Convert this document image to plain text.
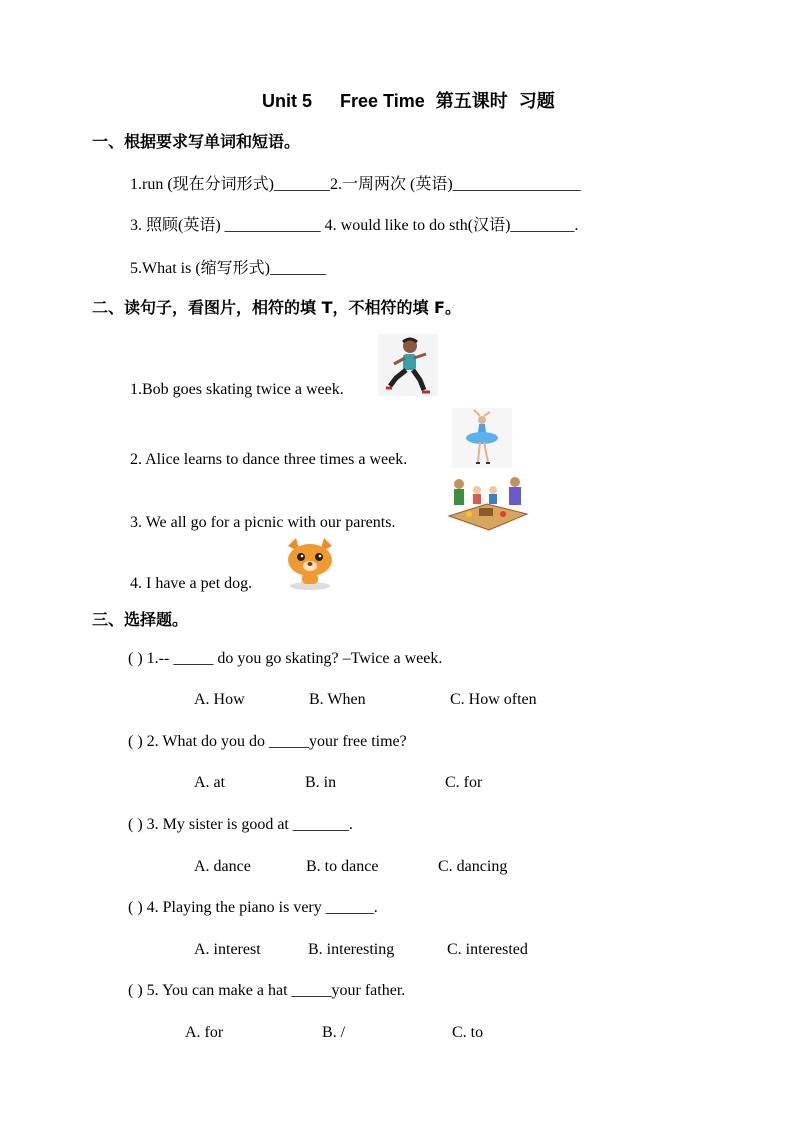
Unit 5 Free Time 第五课时 习题
一、根据要求写单词和短语。
1.run (现在分词形式)_______2.一周两次 (英语)________________
3. 照顾(英语) ____________ 4. would like to do sth(汉语)________.
5.What is (缩写形式)_______
二、读句子，看图片，相符的填 T，不相符的填 F。
1.Bob goes skating twice a week.
2. Alice learns to dance three times a week.
3. We all go for a picnic with our parents.
4. I have a pet dog.
三、选择题。
( ) 1.-- _____ do you go skating? –Twice a week.
A. How	B. When	C. How often
( ) 2. What do you do _____your free time?
A. at	B. in	C. for
( ) 3. My sister is good at _______.
A. dance	B. to dance	C. dancing
( ) 4. Playing the piano is very ______.
A. interest	B. interesting	C. interested
( ) 5. You can make a hat _____your father.
A. for	B. /	C. to
